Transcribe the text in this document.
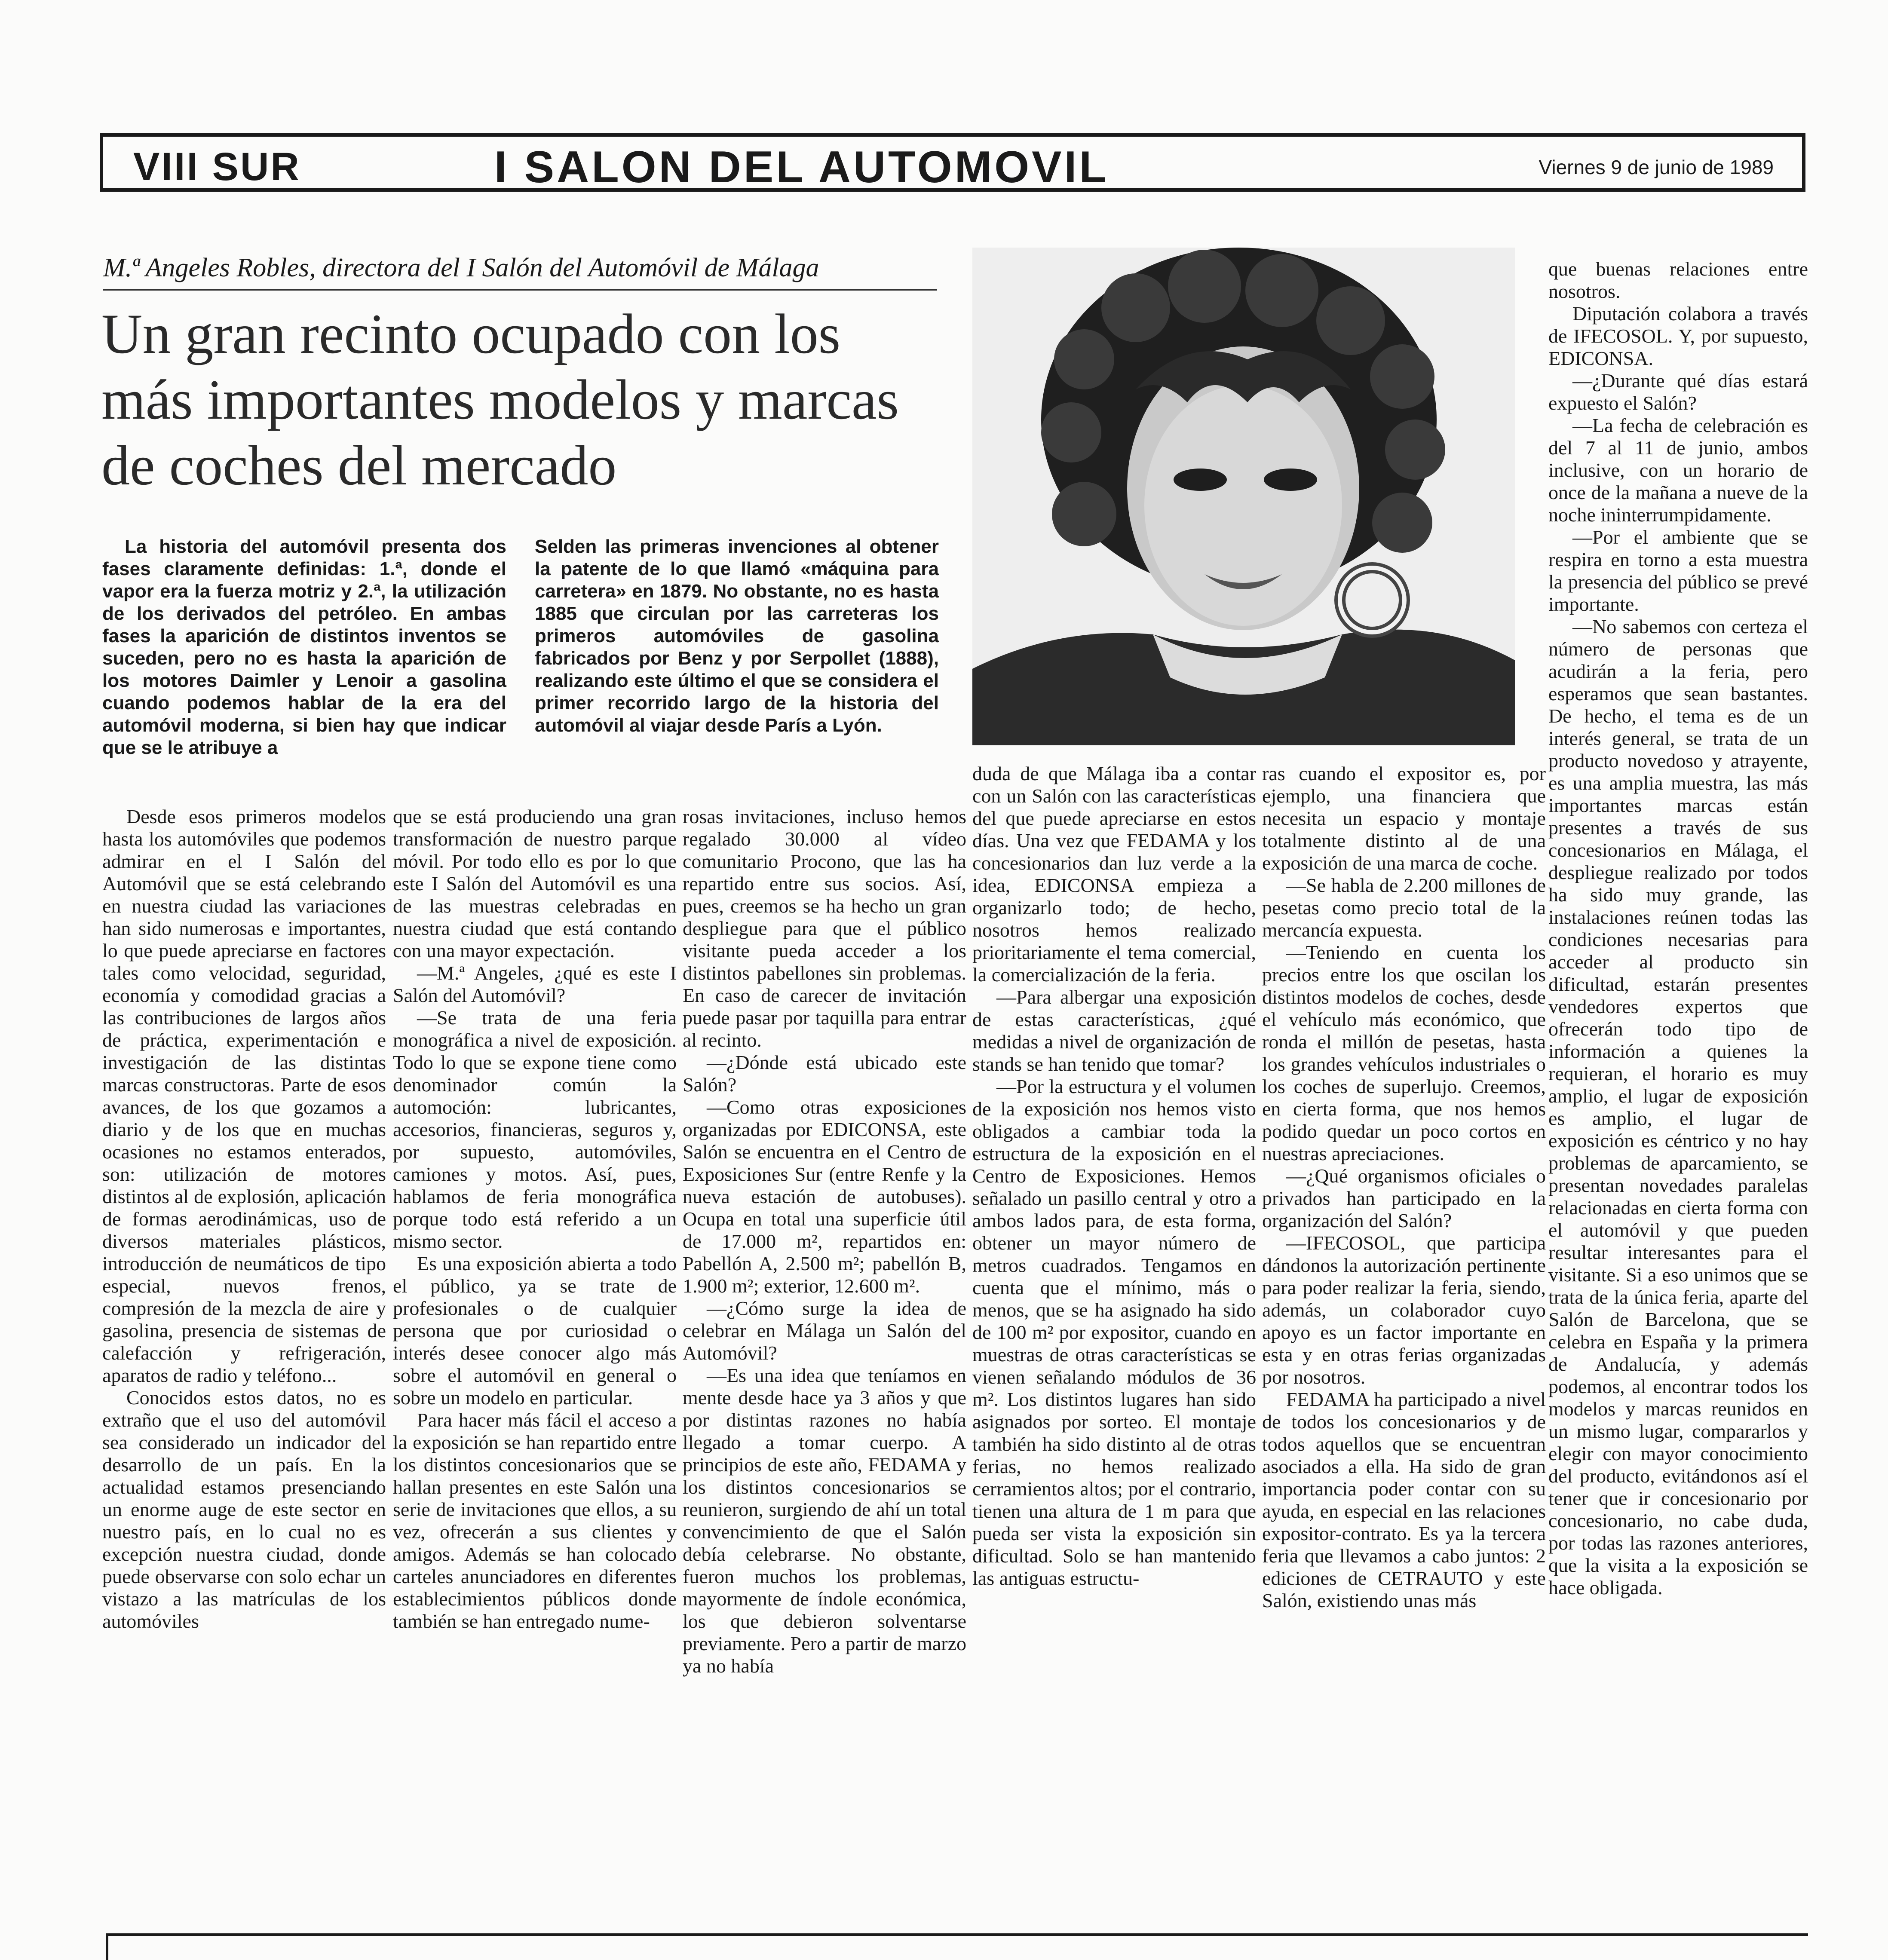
VIII SUR	I SALON DEL AUTOMOVIL	Viernes 9 de junio de 1989
M.ª Angeles Robles, directora del I Salón del Automóvil de Málaga
Un gran recinto ocupado con los más importantes modelos y marcas de coches del mercado

La historia del automóvil presenta dos fases claramente definidas: 1.ª, donde el vapor era la fuerza motriz y 2.ª, la utilización de los derivados del petróleo. En ambas fases la aparición de distintos inventos se suceden, pero no es hasta la aparición de los motores Daimler y Lenoir a gasolina cuando podemos hablar de la era del automóvil moderna, si bien hay que indicar que se le atribuye a

Selden las primeras invenciones al obtener la patente de lo que llamó «máquina para carretera» en 1879. No obstante, no es hasta 1885 que circulan por las carreteras los primeros automóviles de gasolina fabricados por Benz y por Serpollet (1888), realizando este último el que se considera el primer recorrido largo de la historia del automóvil al viajar desde París a Lyón.

Desde esos primeros modelos hasta los automóviles que podemos admirar en el I Salón del Automóvil que se está celebrando en nuestra ciudad las variaciones han sido numerosas e importantes, lo que puede apreciarse en factores tales como velocidad, seguridad, economía y comodidad gracias a las contribuciones de largos años de práctica, experimentación e investigación de las distintas marcas constructoras. Parte de esos avances, de los que gozamos a diario y de los que en muchas ocasiones no estamos enterados, son: utilización de motores distintos al de explosión, aplicación de formas aerodinámicas, uso de diversos materiales plásticos, introducción de neumáticos de tipo especial, nuevos frenos, compresión de la mezcla de aire y gasolina, presencia de sistemas de calefacción y refrigeración, aparatos de radio y teléfono...

Conocidos estos datos, no es extraño que el uso del automóvil sea considerado un indicador del desarrollo de un país. En la actualidad estamos presenciando un enorme auge de este sector en nuestro país, en lo cual no es excepción nuestra ciudad, donde puede observarse con solo echar un vistazo a las matrículas de los automóviles

que se está produciendo una gran transformación de nuestro parque móvil. Por todo ello es por lo que este I Salón del Automóvil es una de las muestras celebradas en nuestra ciudad que está contando con una mayor expectación.

—M.ª Angeles, ¿qué es este I Salón del Automóvil?

—Se trata de una feria monográfica a nivel de exposición. Todo lo que se expone tiene como denominador común la automoción: lubricantes, accesorios, financieras, seguros y, por supuesto, automóviles, camiones y motos. Así, pues, hablamos de feria monográfica porque todo está referido a un mismo sector.

Es una exposición abierta a todo el público, ya se trate de profesionales o de cualquier persona que por curiosidad o interés desee conocer algo más sobre el automóvil en general o sobre un modelo en particular.

Para hacer más fácil el acceso a la exposición se han repartido entre los distintos concesionarios que se hallan presentes en este Salón una serie de invitaciones que ellos, a su vez, ofrecerán a sus clientes y amigos. Además se han colocado carteles anunciadores en diferentes establecimientos públicos donde también se han entregado nume-

rosas invitaciones, incluso hemos regalado 30.000 al vídeo comunitario Procono, que las ha repartido entre sus socios. Así, pues, creemos se ha hecho un gran despliegue para que el público visitante pueda acceder a los distintos pabellones sin problemas. En caso de carecer de invitación puede pasar por taquilla para entrar al recinto.

—¿Dónde está ubicado este Salón?

—Como otras exposiciones organizadas por EDICONSA, este Salón se encuentra en el Centro de Exposiciones Sur (entre Renfe y la nueva estación de autobuses). Ocupa en total una superficie útil de 17.000 m², repartidos en: Pabellón A, 2.500 m²; pabellón B, 1.900 m²; exterior, 12.600 m².

—¿Cómo surge la idea de celebrar en Málaga un Salón del Automóvil?

—Es una idea que teníamos en mente desde hace ya 3 años y que por distintas razones no había llegado a tomar cuerpo. A principios de este año, FEDAMA y los distintos concesionarios se reunieron, surgiendo de ahí un total convencimiento de que el Salón debía celebrarse. No obstante, fueron muchos los problemas, mayormente de índole económica, los que debieron solventarse previamente. Pero a partir de marzo ya no había

duda de que Málaga iba a contar con un Salón con las características del que puede apreciarse en estos días. Una vez que FEDAMA y los concesionarios dan luz verde a la idea, EDICONSA empieza a organizarlo todo; de hecho, nosotros hemos realizado prioritariamente el tema comercial, la comercialización de la feria.

—Para albergar una exposición de estas características, ¿qué medidas a nivel de organización de stands se han tenido que tomar?

—Por la estructura y el volumen de la exposición nos hemos visto obligados a cambiar toda la estructura de la exposición en el Centro de Exposiciones. Hemos señalado un pasillo central y otro a ambos lados para, de esta forma, obtener un mayor número de metros cuadrados. Tengamos en cuenta que el mínimo, más o menos, que se ha asignado ha sido de 100 m² por expositor, cuando en muestras de otras características se vienen señalando módulos de 36 m². Los distintos lugares han sido asignados por sorteo. El montaje también ha sido distinto al de otras ferias, no hemos realizado cerramientos altos; por el contrario, tienen una altura de 1 m para que pueda ser vista la exposición sin dificultad. Solo se han mantenido las antiguas estructu-

ras cuando el expositor es, por ejemplo, una financiera que necesita un espacio y montaje totalmente distinto al de una exposición de una marca de coche.

—Se habla de 2.200 millones de pesetas como precio total de la mercancía expuesta.

—Teniendo en cuenta los precios entre los que oscilan los distintos modelos de coches, desde el vehículo más económico, que ronda el millón de pesetas, hasta los grandes vehículos industriales o los coches de superlujo. Creemos, en cierta forma, que nos hemos podido quedar un poco cortos en nuestras apreciaciones.

—¿Qué organismos oficiales o privados han participado en la organización del Salón?

—IFECOSOL, que participa dándonos la autorización pertinente para poder realizar la feria, siendo, además, un colaborador cuyo apoyo es un factor importante en esta y en otras ferias organizadas por nosotros.

FEDAMA ha participado a nivel de todos los concesionarios y de todos aquellos que se encuentran asociados a ella. Ha sido de gran importancia poder contar con su ayuda, en especial en las relaciones expositor-contrato. Es ya la tercera feria que llevamos a cabo juntos: 2 ediciones de CETRAUTO y este Salón, existiendo unas más

que buenas relaciones entre nosotros.

Diputación colabora a través de IFECOSOL. Y, por supuesto, EDICONSA.

—¿Durante qué días estará expuesto el Salón?

—La fecha de celebración es del 7 al 11 de junio, ambos inclusive, con un horario de once de la mañana a nueve de la noche ininterrumpidamente.

—Por el ambiente que se respira en torno a esta muestra la presencia del público se prevé importante.

—No sabemos con certeza el número de personas que acudirán a la feria, pero esperamos que sean bastantes. De hecho, el tema es de un interés general, se trata de un producto novedoso y atrayente, es una amplia muestra, las más importantes marcas están presentes a través de sus concesionarios en Málaga, el despliegue realizado por todos ha sido muy grande, las instalaciones reúnen todas las condiciones necesarias para acceder al producto sin dificultad, estarán presentes vendedores expertos que ofrecerán todo tipo de información a quienes la requieran, el horario es muy amplio, el lugar de exposición es amplio, el lugar de exposición es céntrico y no hay problemas de aparcamiento, se presentan novedades paralelas relacionadas en cierta forma con el automóvil y que pueden resultar interesantes para el visitante. Si a eso unimos que se trata de la única feria, aparte del Salón de Barcelona, que se celebra en España y la primera de Andalucía, y además podemos, al encontrar todos los modelos y marcas reunidos en un mismo lugar, compararlos y elegir con mayor conocimiento del producto, evitándonos así el tener que ir concesionario por concesionario, no cabe duda, por todas las razones anteriores, que la visita a la exposición se hace obligada.
